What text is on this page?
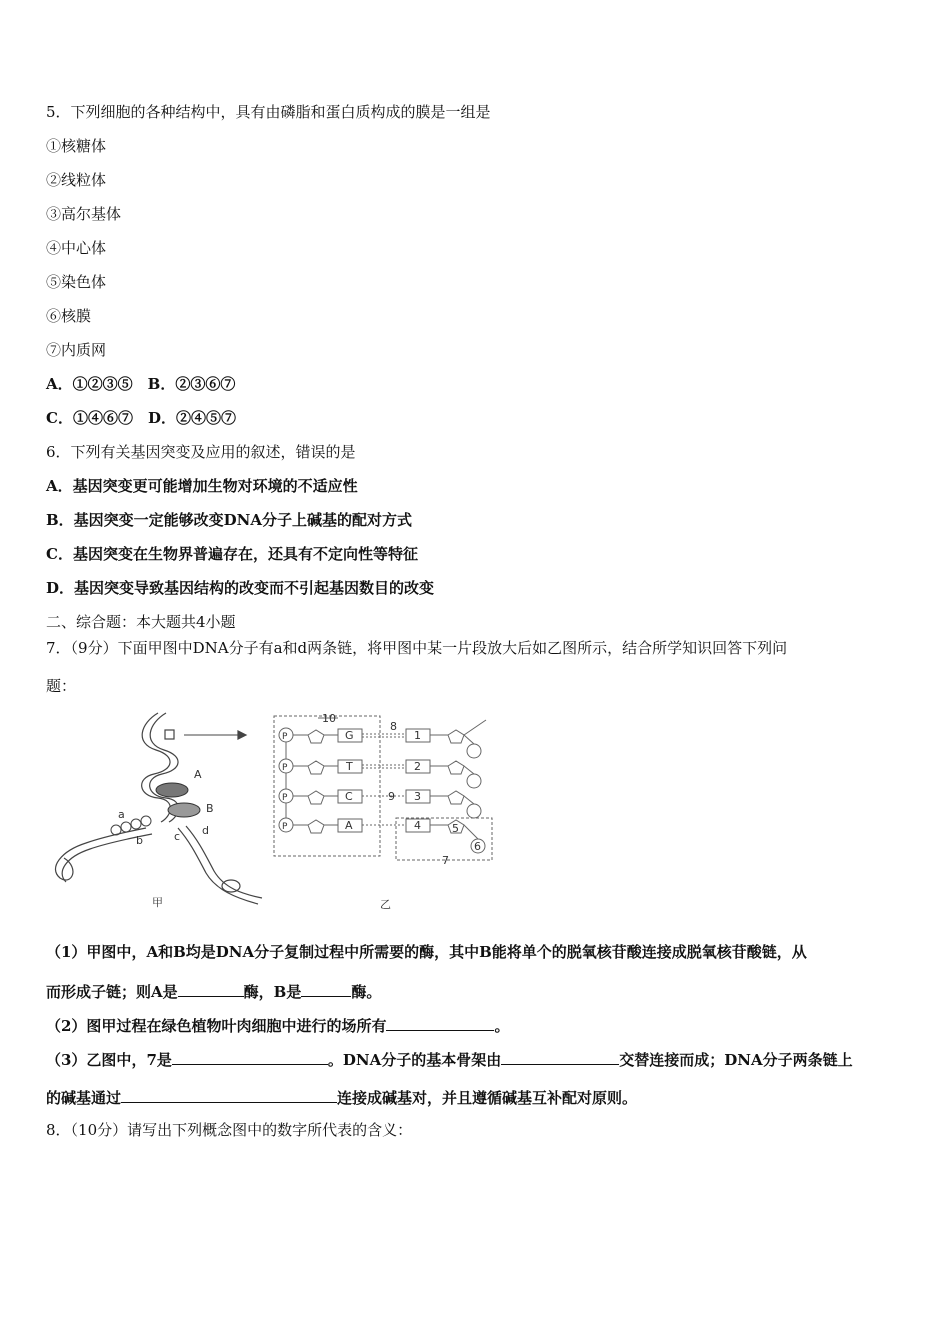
5．下列细胞的各种结构中，具有由磷脂和蛋白质构成的膜是一组是
①核糖体
②线粒体
③高尔基体
④中心体
⑤染色体
⑥核膜
⑦内质网
A．①②③⑤　B．②③⑥⑦
C．①④⑥⑦　D．②④⑤⑦
6．下列有关基因突变及应用的叙述，错误的是
A．基因突变更可能增加生物对环境的不适应性
B．基因突变一定能够改变DNA分子上碱基的配对方式
C．基因突变在生物界普遍存在，还具有不定向性等特征
D．基因突变导致基因结构的改变而不引起基因数目的改变
二、综合题：本大题共4小题
7．（9分）下面甲图中DNA分子有a和d两条链，将甲图中某一片段放大后如乙图所示，结合所学知识回答下列问
题：
A
B
a
b	c d
甲	乙
P
P
P
P
G
T
C
A
10
8
1
2
9 3
4	5
6
7
（1）甲图中，A和B均是DNA分子复制过程中所需要的酶，其中B能将单个的脱氧核苷酸连接成脱氧核苷酸链，从
而形成子链；则A是	酶，B是	酶。
（2）图甲过程在绿色植物叶肉细胞中进行的场所有	。
（3）乙图中，7是	。DNA分子的基本骨架由	交替连接而成；DNA分子两条链上
的碱基通过	连接成碱基对，并且遵循碱基互补配对原则。
8．（10分）请写出下列概念图中的数字所代表的含义：
